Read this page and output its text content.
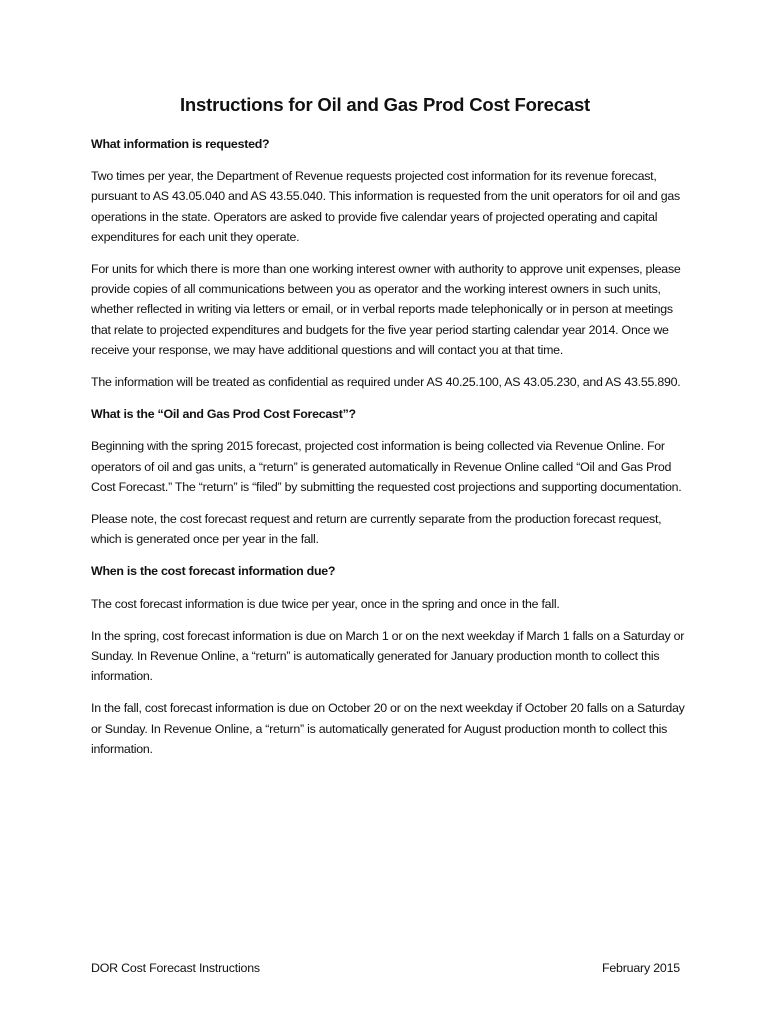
Instructions for Oil and Gas Prod Cost Forecast
What information is requested?

Two times per year, the Department of Revenue requests projected cost information for its revenue forecast, pursuant to AS 43.05.040 and AS 43.55.040. This information is requested from the unit operators for oil and gas operations in the state. Operators are asked to provide five calendar years of projected operating and capital expenditures for each unit they operate.

For units for which there is more than one working interest owner with authority to approve unit expenses, please provide copies of all communications between you as operator and the working interest owners in such units, whether reflected in writing via letters or email, or in verbal reports made telephonically or in person at meetings that relate to projected expenditures and budgets for the five year period starting calendar year 2014. Once we receive your response, we may have additional questions and will contact you at that time.

The information will be treated as confidential as required under AS 40.25.100, AS 43.05.230, and AS 43.55.890.

What is the “Oil and Gas Prod Cost Forecast”?

Beginning with the spring 2015 forecast, projected cost information is being collected via Revenue Online. For operators of oil and gas units, a “return” is generated automatically in Revenue Online called “Oil and Gas Prod Cost Forecast.” The “return” is “filed” by submitting the requested cost projections and supporting documentation.

Please note, the cost forecast request and return are currently separate from the production forecast request, which is generated once per year in the fall.

When is the cost forecast information due?

The cost forecast information is due twice per year, once in the spring and once in the fall.

In the spring, cost forecast information is due on March 1 or on the next weekday if March 1 falls on a Saturday or Sunday. In Revenue Online, a “return” is automatically generated for January production month to collect this information.

In the fall, cost forecast information is due on October 20 or on the next weekday if October 20 falls on a Saturday or Sunday. In Revenue Online, a “return” is automatically generated for August production month to collect this information.

DOR Cost Forecast Instructions	February 2015
